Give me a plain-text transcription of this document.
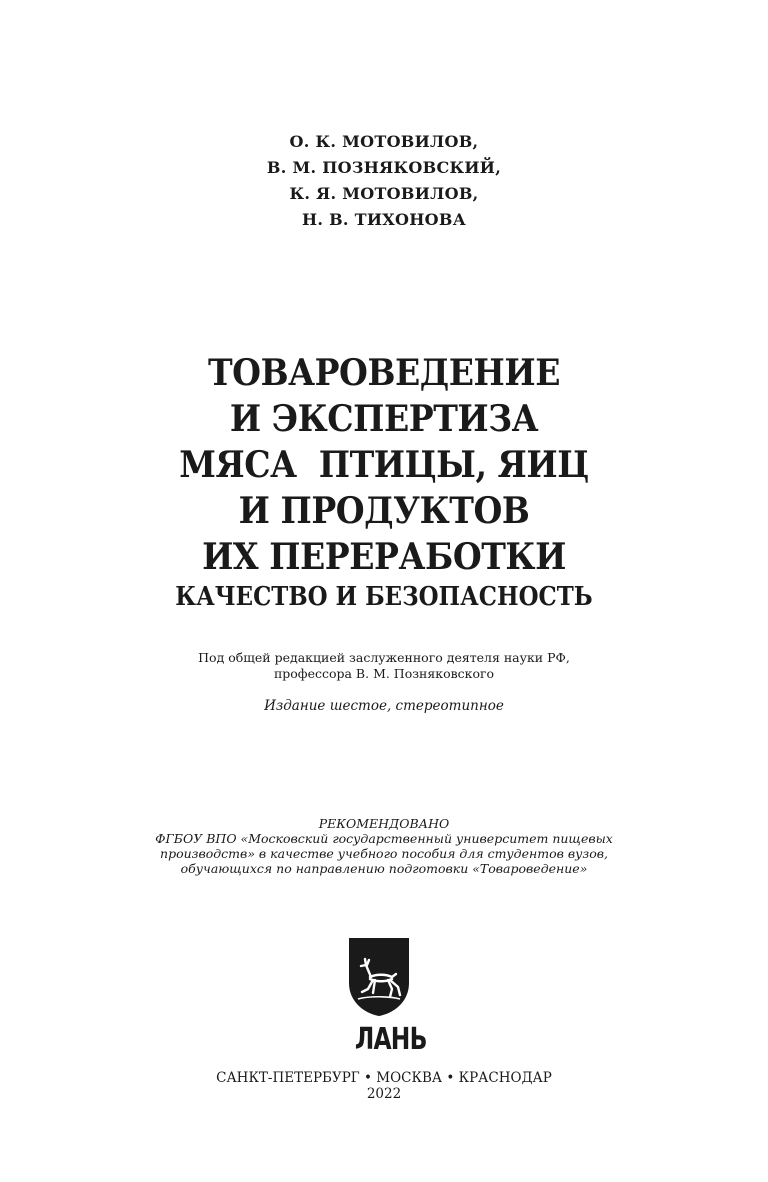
О. К. МОТОВИЛОВ,
В. М. ПОЗНЯКОВСКИЙ,
К. Я. МОТОВИЛОВ,
Н. В. ТИХОНОВА
ТОВАРОВЕДЕНИЕ
И ЭКСПЕРТИЗА
МЯСА  ПТИЦЫ, ЯИЦ
И ПРОДУКТОВ
ИХ ПЕРЕРАБОТКИ
КАЧЕСТВО И БЕЗОПАСНОСТЬ
Под общей редакцией заслуженного деятеля науки РФ,
профессора В. М. Позняковского
Издание шестое, стереотипное
РЕКОМЕНДОВАНО
ФГБОУ ВПО «Московский государственный университет пищевых
производств» в качестве учебного пособия для студентов вузов,
обучающихся по направлению подготовки «Товароведение»
ЛАНЬ
САНКТ-ПЕТЕРБУРГ • МОСКВА • КРАСНОДАР
2022
